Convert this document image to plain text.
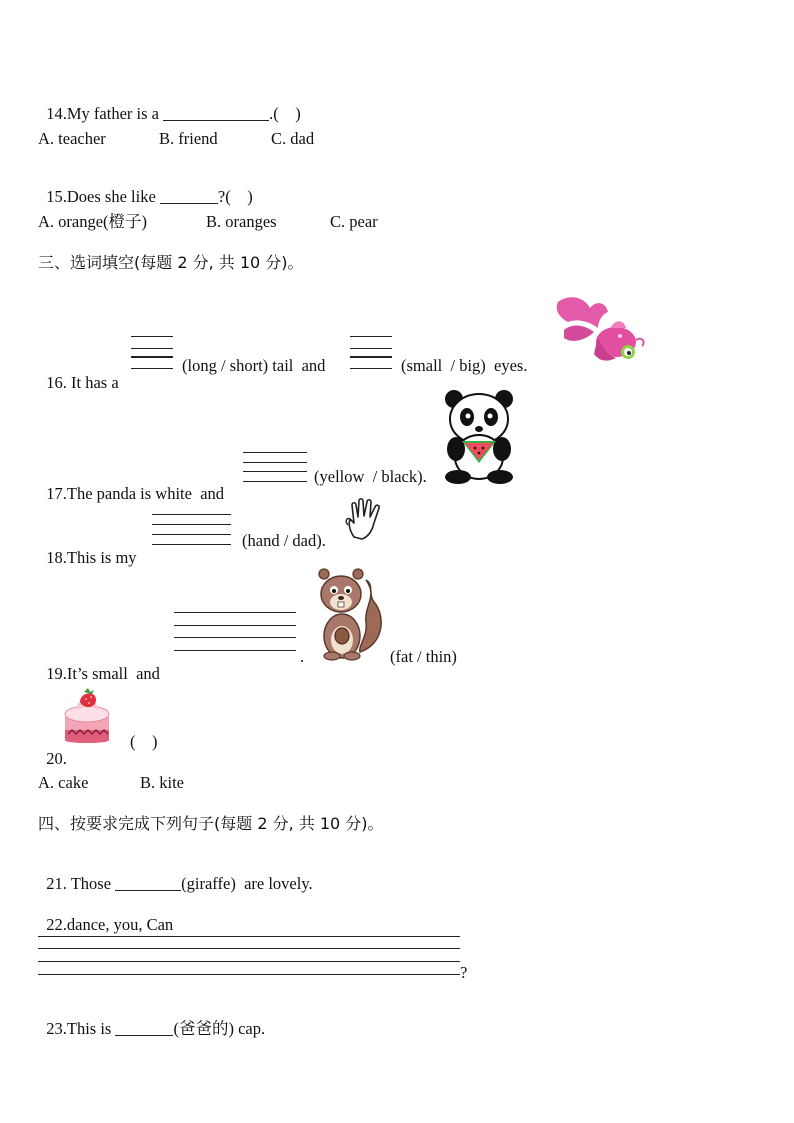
14.My father is a	.(    )

A. teacher	B. friend	C. dad

15.Does she like	?(    )

A. orange(橙子)	B. oranges	C. pear
三、选词填空(每题 2 分, 共 10 分)。

16. It has a

(long / short) tail  and	(small  / big)  eyes.

17.The panda is white  and

(yellow  / black).

18.This is my

(hand / dad).

19.It’s small  and

.	(fat / thin)

20.

(    )
A. cake	B. kite
四、按要求完成下列句子(每题 2 分, 共 10 分)。

21. Those	(giraffe)  are lovely.

22.dance, you, Can

?

23.This is	(爸爸的) cap.
